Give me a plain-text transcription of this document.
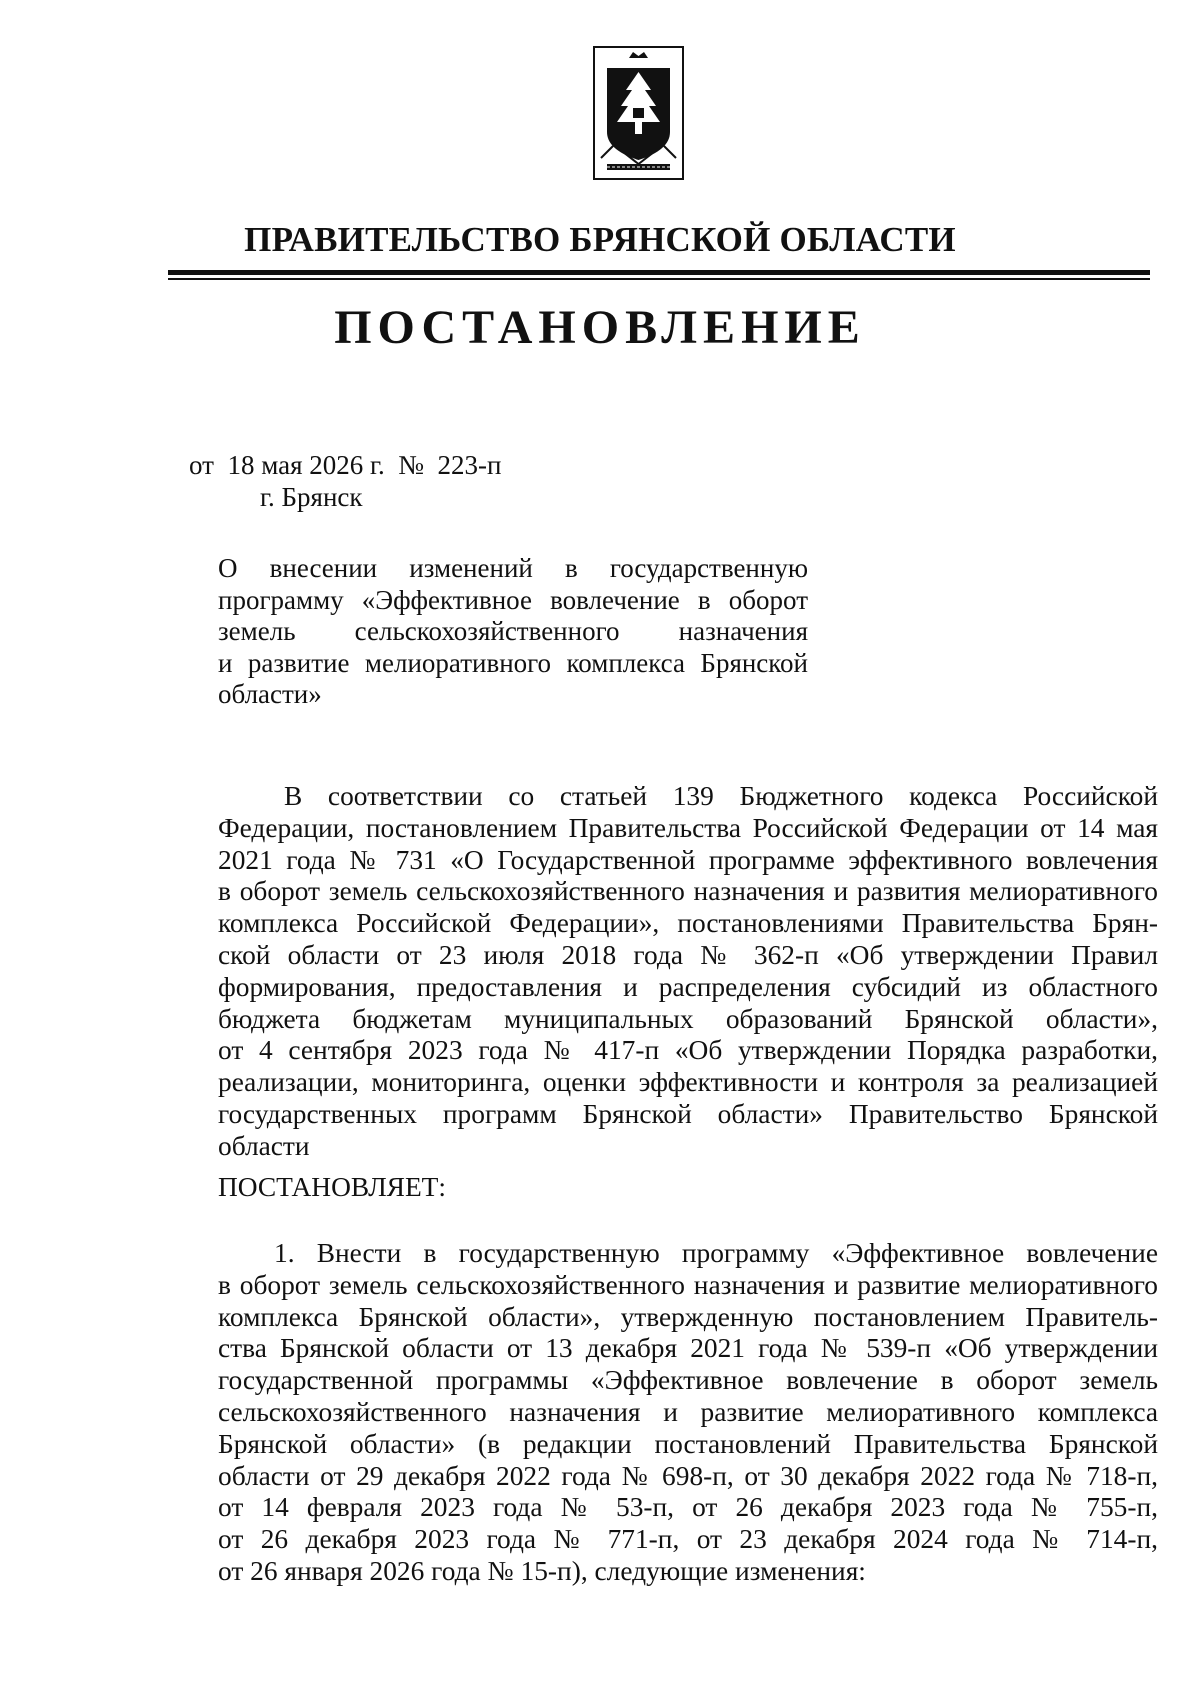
ПРАВИТЕЛЬСТВО БРЯНСКОЙ ОБЛАСТИ
ПОСТАНОВЛЕНИЕ
от  18 мая 2026 г.  №  223-п
г. Брянск
О внесении изменений в государственную
программу «Эффективное вовлечение в оборот
земель сельскохозяйственного назначения
и развитие мелиоративного комплекса Брянской
области»
В соответствии со статьей 139 Бюджетного кодекса Российской
Федерации, постановлением Правительства Российской Федерации от 14 мая
2021 года № 731 «О Государственной программе эффективного вовлечения
в оборот земель сельскохозяйственного назначения и развития мелиоративного
комплекса Российской Федерации», постановлениями Правительства Брян-
ской области от 23 июля 2018 года № 362-п «Об утверждении Правил
формирования, предоставления и распределения субсидий из областного
бюджета бюджетам муниципальных образований Брянской области»,
от 4 сентября 2023 года № 417-п «Об утверждении Порядка разработки,
реализации, мониторинга, оценки эффективности и контроля за реализацией
государственных программ Брянской области» Правительство Брянской
области
ПОСТАНОВЛЯЕТ:
1. Внести в государственную программу «Эффективное вовлечение
в оборот земель сельскохозяйственного назначения и развитие мелиоративного
комплекса Брянской области», утвержденную постановлением Правитель-
ства Брянской области от 13 декабря 2021 года № 539-п «Об утверждении
государственной программы «Эффективное вовлечение в оборот земель
сельскохозяйственного назначения и развитие мелиоративного комплекса
Брянской области» (в редакции постановлений Правительства Брянской
области от 29 декабря 2022 года № 698-п, от 30 декабря 2022 года № 718-п,
от 14 февраля 2023 года № 53-п, от 26 декабря 2023 года № 755-п,
от 26 декабря 2023 года № 771-п, от 23 декабря 2024 года № 714-п,
от 26 января 2026 года № 15-п), следующие изменения:
